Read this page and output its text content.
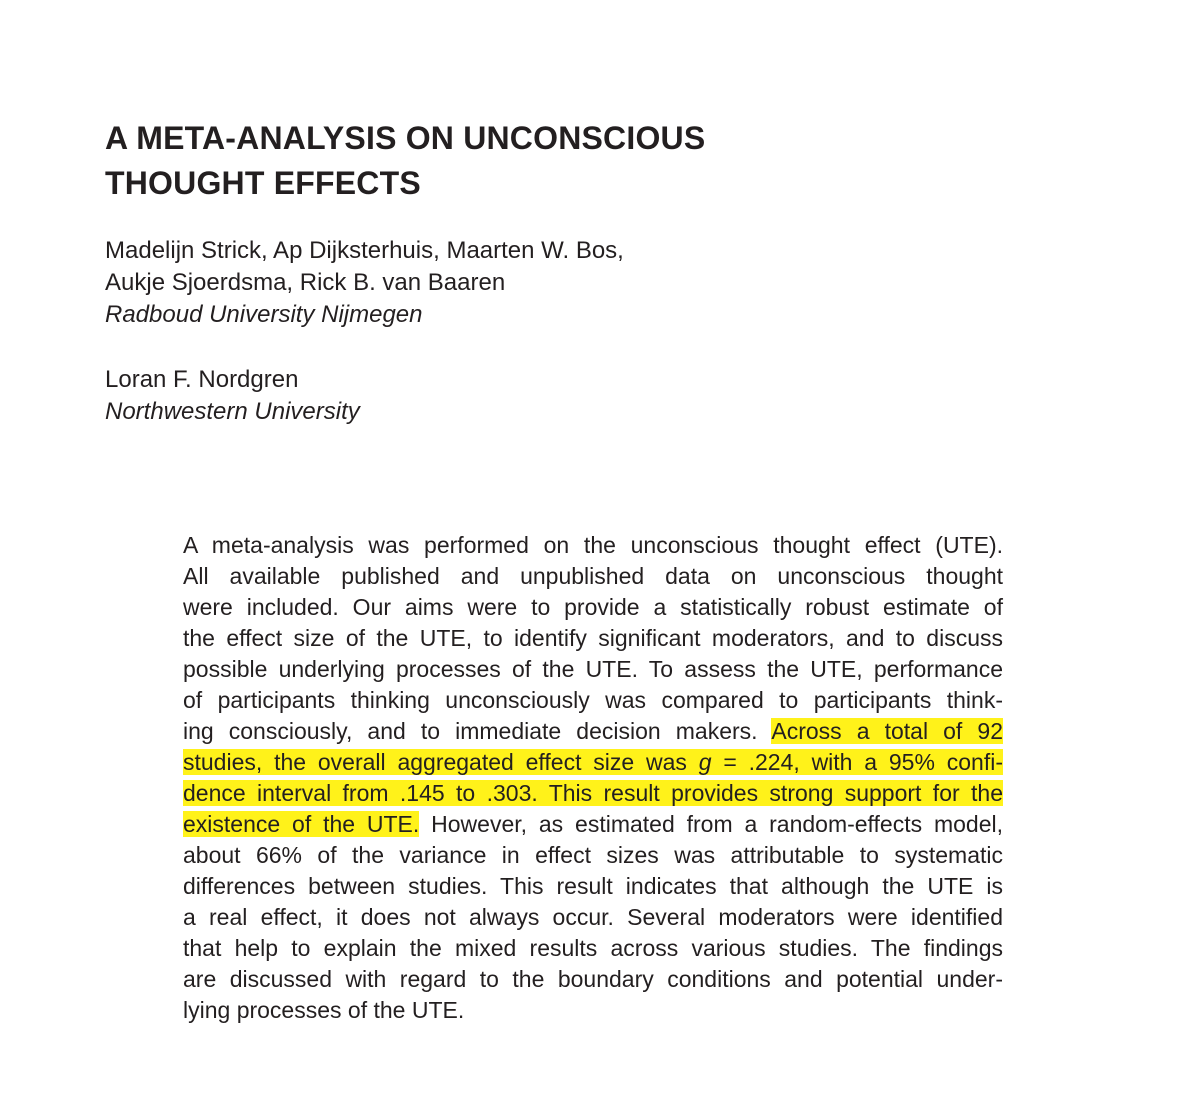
A META-ANALYSIS ON UNCONSCIOUS
THOUGHT EFFECTS
Madelijn Strick, Ap Dijksterhuis, Maarten W. Bos,
Aukje Sjoerdsma, Rick B. van Baaren
Radboud University Nijmegen
Loran F. Nordgren
Northwestern University
A meta-analysis was performed on the unconscious thought effect (UTE).
All available published and unpublished data on unconscious thought
were included. Our aims were to provide a statistically robust estimate of
the effect size of the UTE, to identify significant moderators, and to discuss
possible underlying processes of the UTE. To assess the UTE, performance
of participants thinking unconsciously was compared to participants think-
ing consciously, and to immediate decision makers. Across a total of 92
studies, the overall aggregated effect size was g = .224, with a 95% confi-
dence interval from .145 to .303. This result provides strong support for the
existence of the UTE. However, as estimated from a random-effects model,
about 66% of the variance in effect sizes was attributable to systematic
differences between studies. This result indicates that although the UTE is
a real effect, it does not always occur. Several moderators were identified
that help to explain the mixed results across various studies. The findings
are discussed with regard to the boundary conditions and potential under-
lying processes of the UTE.
